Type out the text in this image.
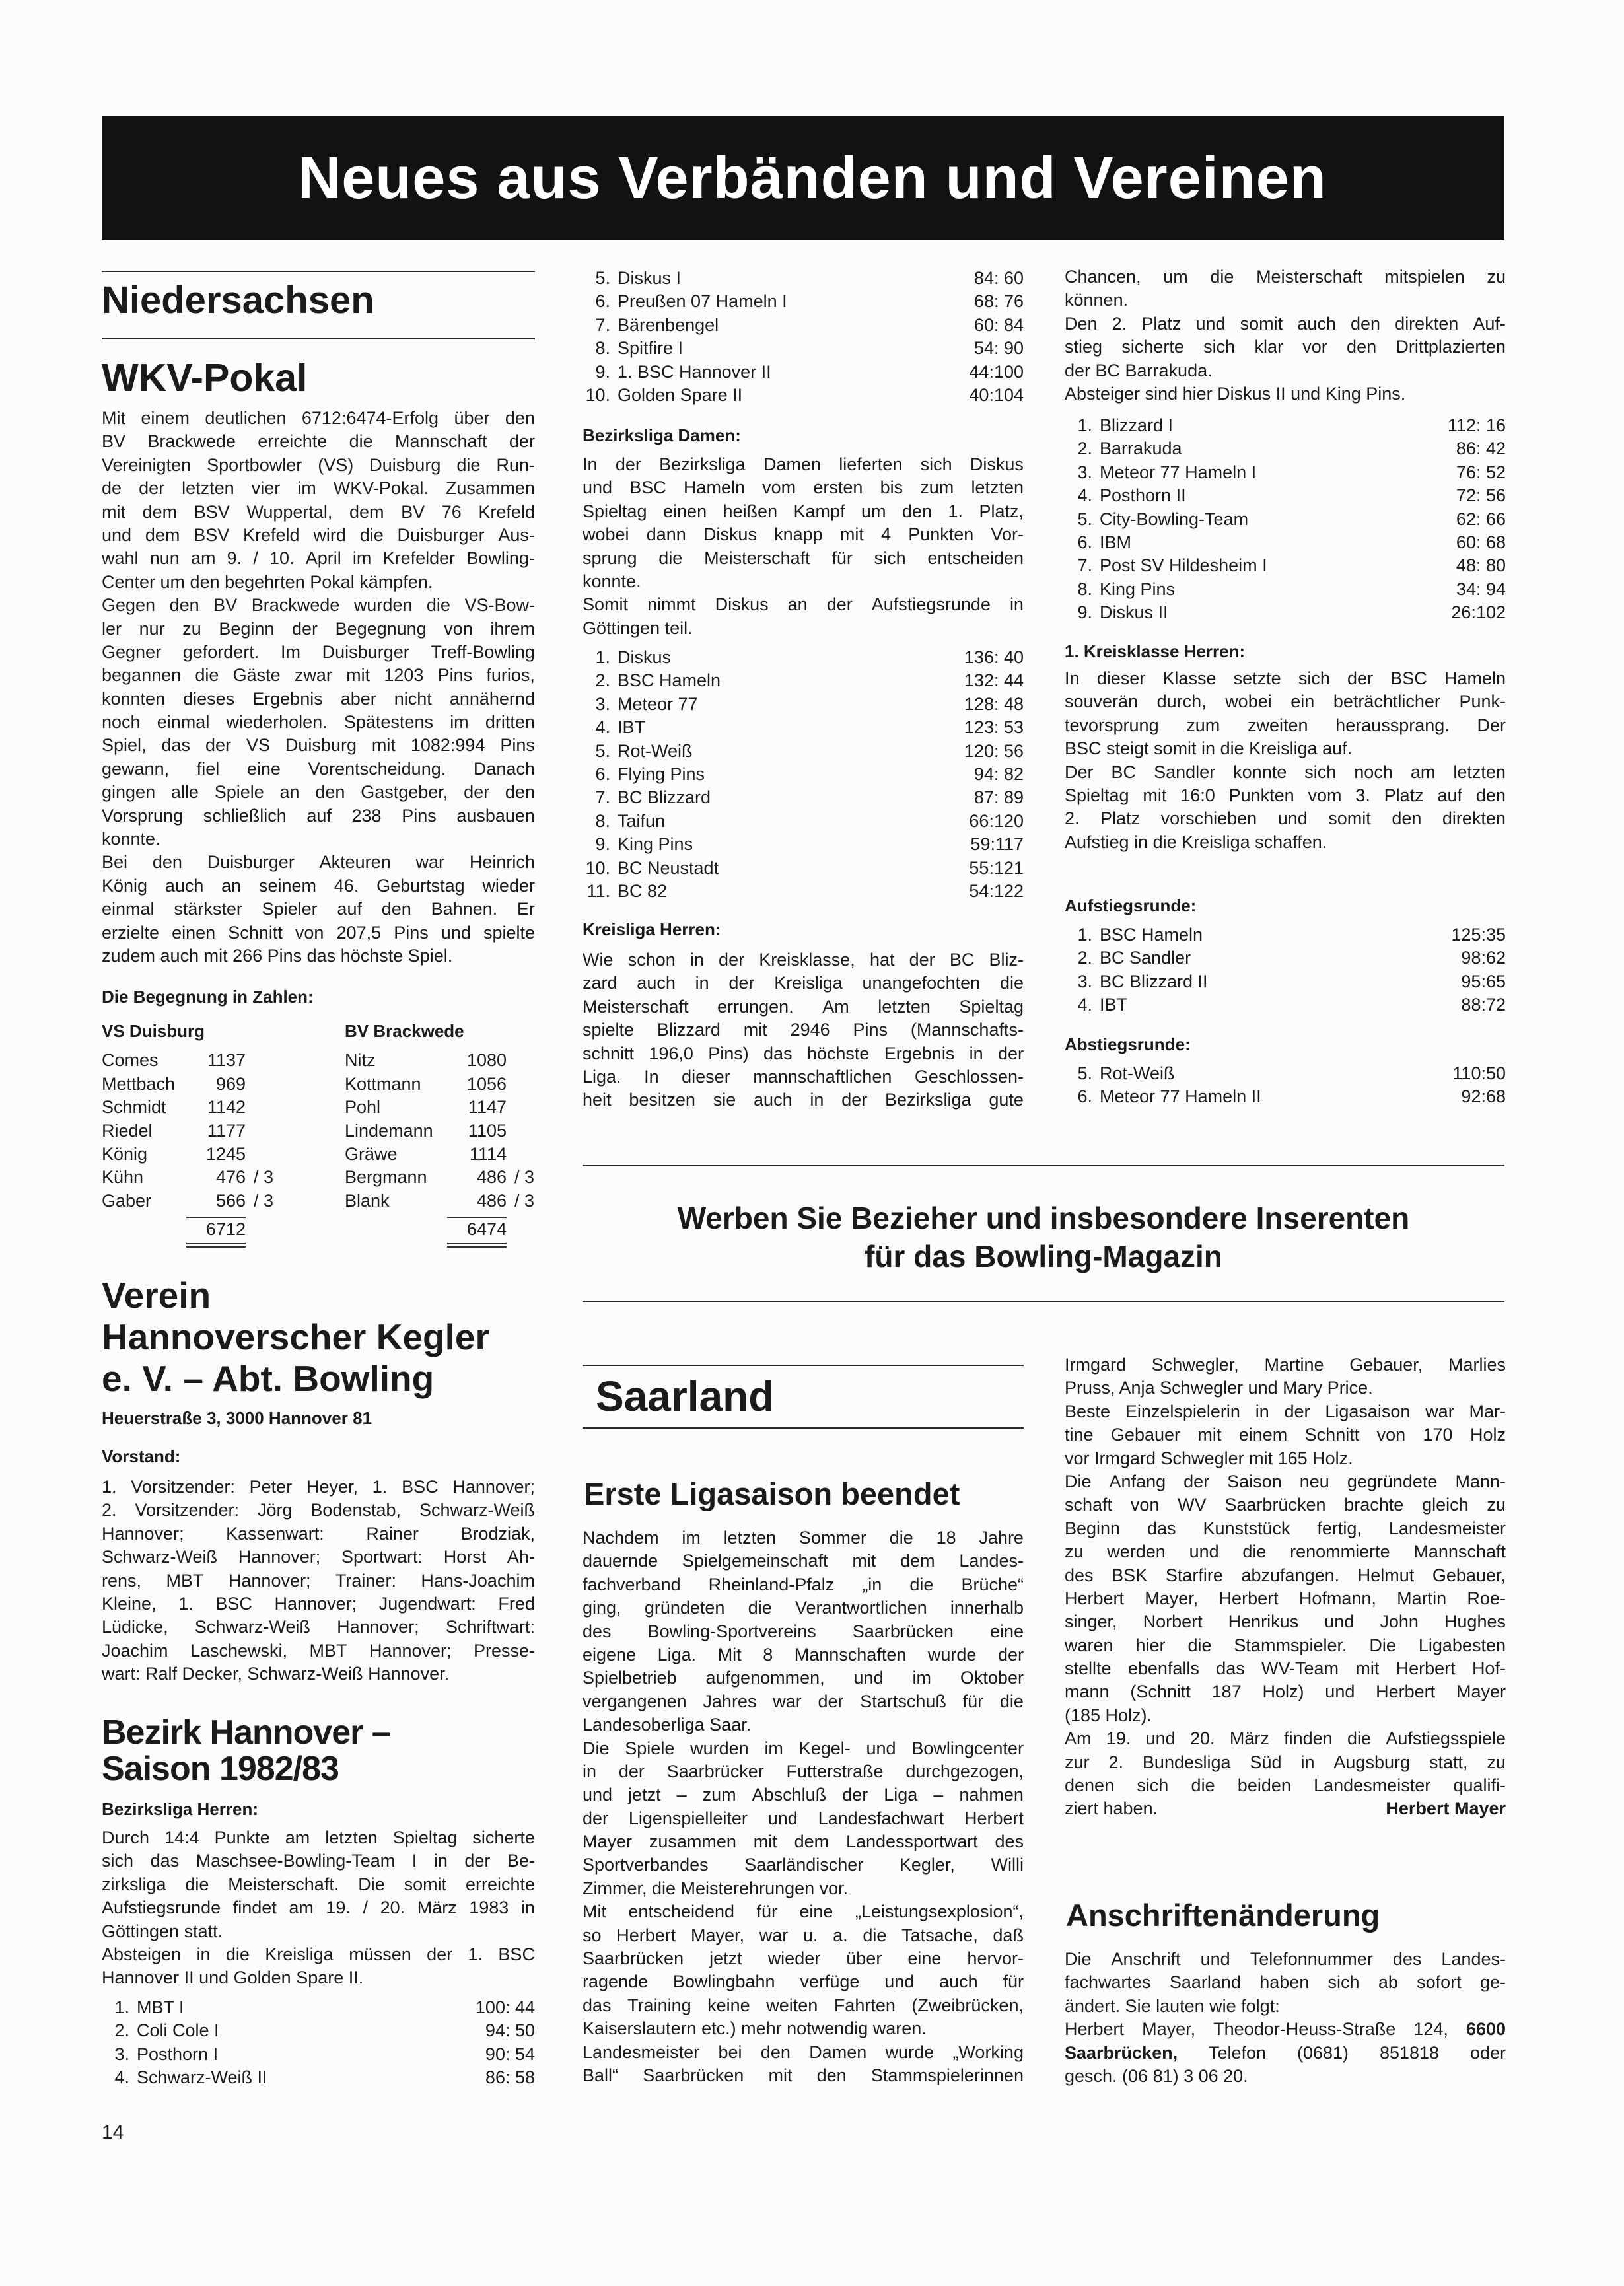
Neues aus Verbänden und Vereinen
Niedersachsen
WKV-Pokal
Mit einem deutlichen 6712:6474-Erfolg über den
BV Brackwede erreichte die Mannschaft der
Vereinigten Sportbowler (VS) Duisburg die Run-
de der letzten vier im WKV-Pokal. Zusammen
mit dem BSV Wuppertal, dem BV 76 Krefeld
und dem BSV Krefeld wird die Duisburger Aus-
wahl nun am 9. / 10. April im Krefelder Bowling-
Center um den begehrten Pokal kämpfen.
Gegen den BV Brackwede wurden die VS-Bow-
ler nur zu Beginn der Begegnung von ihrem
Gegner gefordert. Im Duisburger Treff-Bowling
begannen die Gäste zwar mit 1203 Pins furios,
konnten dieses Ergebnis aber nicht annähernd
noch einmal wiederholen. Spätestens im dritten
Spiel, das der VS Duisburg mit 1082:994 Pins
gewann, fiel eine Vorentscheidung. Danach
gingen alle Spiele an den Gastgeber, der den
Vorsprung schließlich auf 238 Pins ausbauen
konnte.
Bei den Duisburger Akteuren war Heinrich
König auch an seinem 46. Geburtstag wieder
einmal stärkster Spieler auf den Bahnen. Er
erzielte einen Schnitt von 207,5 Pins und spielte
zudem auch mit 266 Pins das höchste Spiel.
Die Begegnung in Zahlen:
VS Duisburg
Comes	1137
Mettbach 969
Schmidt 1142
Riedel	1177
König	1245
Kühn	476 / 3
Gaber	566 / 3
6712
BV Brackwede
Nitz	1080
Kottmann	1056
Pohl	1147
Lindemann 1105
Gräwe	1114
Bergmann	486 / 3
Blank	486 / 3
6474
Verein
Hannoverscher Kegler
e. V. – Abt. Bowling
Heuerstraße 3, 3000 Hannover 81
Vorstand:
1. Vorsitzender: Peter Heyer, 1. BSC Hannover;
2. Vorsitzender: Jörg Bodenstab, Schwarz-Weiß
Hannover; Kassenwart: Rainer Brodziak,
Schwarz-Weiß Hannover; Sportwart: Horst Ah-
rens, MBT Hannover; Trainer: Hans-Joachim
Kleine, 1. BSC Hannover; Jugendwart: Fred
Lüdicke, Schwarz-Weiß Hannover; Schriftwart:
Joachim Laschewski, MBT Hannover; Presse-
wart: Ralf Decker, Schwarz-Weiß Hannover.
Bezirk Hannover –
Saison 1982/83
Bezirksliga Herren:
Durch 14:4 Punkte am letzten Spieltag sicherte
sich das Maschsee-Bowling-Team I in der Be-
zirksliga die Meisterschaft. Die somit erreichte
Aufstiegsrunde findet am 19. / 20. März 1983 in
Göttingen statt.
Absteigen in die Kreisliga müssen der 1. BSC
Hannover II und Golden Spare II.
1. MBT I	100: 44
2. Coli Cole I	94: 50
3. Posthorn I	90: 54
4. Schwarz-Weiß II	86: 58
14
5. Diskus I	84: 60
6. Preußen 07 Hameln I	68: 76
7. Bärenbengel	60: 84
8. Spitfire I	54: 90
9. 1. BSC Hannover II	44:100
10. Golden Spare II	40:104
Bezirksliga Damen:
In der Bezirksliga Damen lieferten sich Diskus
und BSC Hameln vom ersten bis zum letzten
Spieltag einen heißen Kampf um den 1. Platz,
wobei dann Diskus knapp mit 4 Punkten Vor-
sprung die Meisterschaft für sich entscheiden
konnte.
Somit nimmt Diskus an der Aufstiegsrunde in
Göttingen teil.
1. Diskus	136: 40
2. BSC Hameln	132: 44
3. Meteor 77	128: 48
4. IBT	123: 53
5. Rot-Weiß	120: 56
6. Flying Pins	94: 82
7. BC Blizzard	87: 89
8. Taifun	66:120
9. King Pins	59:117
10. BC Neustadt	55:121
11. BC 82	54:122
Kreisliga Herren:
Wie schon in der Kreisklasse, hat der BC Bliz-
zard auch in der Kreisliga unangefochten die
Meisterschaft errungen. Am letzten Spieltag
spielte Blizzard mit 2946 Pins (Mannschafts-
schnitt 196,0 Pins) das höchste Ergebnis in der
Liga. In dieser mannschaftlichen Geschlossen-
heit besitzen sie auch in der Bezirksliga gute
Chancen, um die Meisterschaft mitspielen zu
können.
Den 2. Platz und somit auch den direkten Auf-
stieg sicherte sich klar vor den Drittplazierten
der BC Barrakuda.
Absteiger sind hier Diskus II und King Pins.
1. Blizzard I	112: 16
2. Barrakuda	86: 42
3. Meteor 77 Hameln I	76: 52
4. Posthorn II	72: 56
5. City-Bowling-Team	62: 66
6. IBM	60: 68
7. Post SV Hildesheim I	48: 80
8. King Pins	34: 94
9. Diskus II	26:102
1. Kreisklasse Herren:
In dieser Klasse setzte sich der BSC Hameln
souverän durch, wobei ein beträchtlicher Punk-
tevorsprung zum zweiten heraussprang. Der
BSC steigt somit in die Kreisliga auf.
Der BC Sandler konnte sich noch am letzten
Spieltag mit 16:0 Punkten vom 3. Platz auf den
2. Platz vorschieben und somit den direkten
Aufstieg in die Kreisliga schaffen.
Aufstiegsrunde:
1. BSC Hameln	125:35
2. BC Sandler	98:62
3. BC Blizzard II	95:65
4. IBT	88:72
Abstiegsrunde:
5. Rot-Weiß	110:50
6. Meteor 77 Hameln II	92:68
Werben Sie Bezieher und insbesondere Inserenten
für das Bowling-Magazin
Saarland
Erste Ligasaison beendet
Nachdem im letzten Sommer die 18 Jahre
dauernde Spielgemeinschaft mit dem Landes-
fachverband Rheinland-Pfalz „in die Brüche“
ging, gründeten die Verantwortlichen innerhalb
des Bowling-Sportvereins Saarbrücken eine
eigene Liga. Mit 8 Mannschaften wurde der
Spielbetrieb aufgenommen, und im Oktober
vergangenen Jahres war der Startschuß für die
Landesoberliga Saar.
Die Spiele wurden im Kegel- und Bowlingcenter
in der Saarbrücker Futterstraße durchgezogen,
und jetzt – zum Abschluß der Liga – nahmen
der Ligenspielleiter und Landesfachwart Herbert
Mayer zusammen mit dem Landessportwart des
Sportverbandes Saarländischer Kegler, Willi
Zimmer, die Meisterehrungen vor.
Mit entscheidend für eine „Leistungsexplosion“,
so Herbert Mayer, war u. a. die Tatsache, daß
Saarbrücken jetzt wieder über eine hervor-
ragende Bowlingbahn verfüge und auch für
das Training keine weiten Fahrten (Zweibrücken,
Kaiserslautern etc.) mehr notwendig waren.
Landesmeister bei den Damen wurde „Working
Ball“ Saarbrücken mit den Stammspielerinnen
Irmgard Schwegler, Martine Gebauer, Marlies
Pruss, Anja Schwegler und Mary Price.
Beste Einzelspielerin in der Ligasaison war Mar-
tine Gebauer mit einem Schnitt von 170 Holz
vor Irmgard Schwegler mit 165 Holz.
Die Anfang der Saison neu gegründete Mann-
schaft von WV Saarbrücken brachte gleich zu
Beginn das Kunststück fertig, Landesmeister
zu werden und die renommierte Mannschaft
des BSK Starfire abzufangen. Helmut Gebauer,
Herbert Mayer, Herbert Hofmann, Martin Roe-
singer, Norbert Henrikus und John Hughes
waren hier die Stammspieler. Die Ligabesten
stellte ebenfalls das WV-Team mit Herbert Hof-
mann (Schnitt 187 Holz) und Herbert Mayer
(185 Holz).
Am 19. und 20. März finden die Aufstiegsspiele
zur 2. Bundesliga Süd in Augsburg statt, zu
denen sich die beiden Landesmeister qualifi-
ziert haben.	Herbert Mayer
Anschriftenänderung
Die Anschrift und Telefonnummer des Landes-
fachwartes Saarland haben sich ab sofort ge-
ändert. Sie lauten wie folgt:
Herbert Mayer, Theodor-Heuss-Straße 124, 6600
Saarbrücken, Telefon (0681) 851818 oder
gesch. (06 81) 3 06 20.
